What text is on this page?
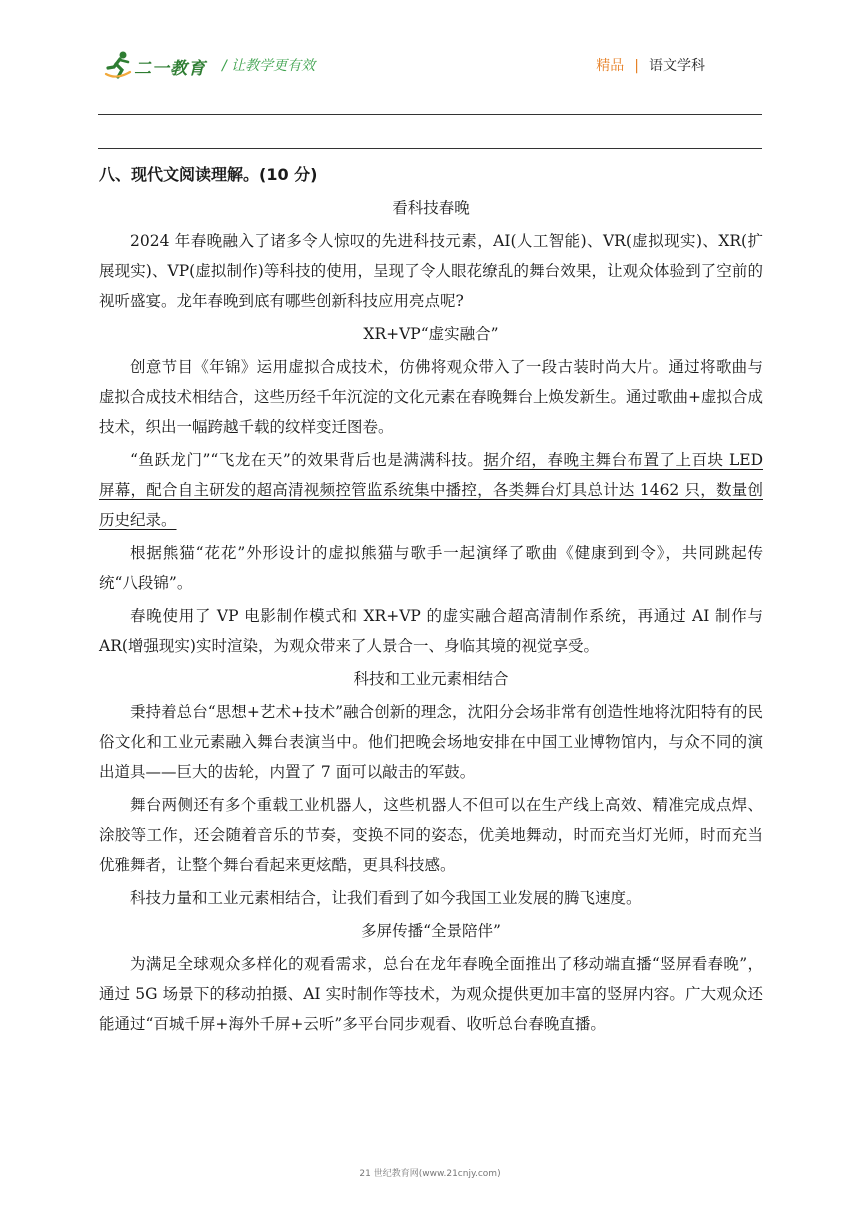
二一教育 / 让教学更有效	精品 | 语文学科
八、现代文阅读理解。(10 分)
看科技春晚

2024 年春晚融入了诸多令人惊叹的先进科技元素，AI(人工智能)、VR(虚拟现实)、XR(扩展现实)、VP(虚拟制作)等科技的使用，呈现了令人眼花缭乱的舞台效果，让观众体验到了空前的视听盛宴。龙年春晚到底有哪些创新科技应用亮点呢?

XR+VP“虚实融合”

创意节目《年锦》运用虚拟合成技术，仿佛将观众带入了一段古装时尚大片。通过将歌曲与虚拟合成技术相结合，这些历经千年沉淀的文化元素在春晚舞台上焕发新生。通过歌曲+虚拟合成技术，织出一幅跨越千载的纹样变迁图卷。

“鱼跃龙门”“飞龙在天”的效果背后也是满满科技。据介绍，春晚主舞台布置了上百块 LED 屏幕，配合自主研发的超高清视频控管监系统集中播控，各类舞台灯具总计达 1462 只，数量创历史纪录。

根据熊猫“花花”外形设计的虚拟熊猫与歌手一起演绎了歌曲《健康到到令》，共同跳起传统“八段锦”。

春晚使用了 VP 电影制作模式和 XR+VP 的虚实融合超高清制作系统，再通过 AI 制作与 AR(增强现实)实时渲染，为观众带来了人景合一、身临其境的视觉享受。

科技和工业元素相结合

秉持着总台“思想+艺术+技术”融合创新的理念，沈阳分会场非常有创造性地将沈阳特有的民俗文化和工业元素融入舞台表演当中。他们把晚会场地安排在中国工业博物馆内，与众不同的演出道具——巨大的齿轮，内置了 7 面可以敲击的军鼓。

舞台两侧还有多个重载工业机器人，这些机器人不但可以在生产线上高效、精准完成点焊、涂胶等工作，还会随着音乐的节奏，变换不同的姿态，优美地舞动，时而充当灯光师，时而充当优雅舞者，让整个舞台看起来更炫酷，更具科技感。

科技力量和工业元素相结合，让我们看到了如今我国工业发展的腾飞速度。

多屏传播“全景陪伴”

为满足全球观众多样化的观看需求，总台在龙年春晚全面推出了移动端直播“竖屏看春晚”，通过 5G 场景下的移动拍摄、AI 实时制作等技术，为观众提供更加丰富的竖屏内容。广大观众还能通过“百城千屏+海外千屏+云听”多平台同步观看、收听总台春晚直播。

21 世纪教育网(www.21cnjy.com)
